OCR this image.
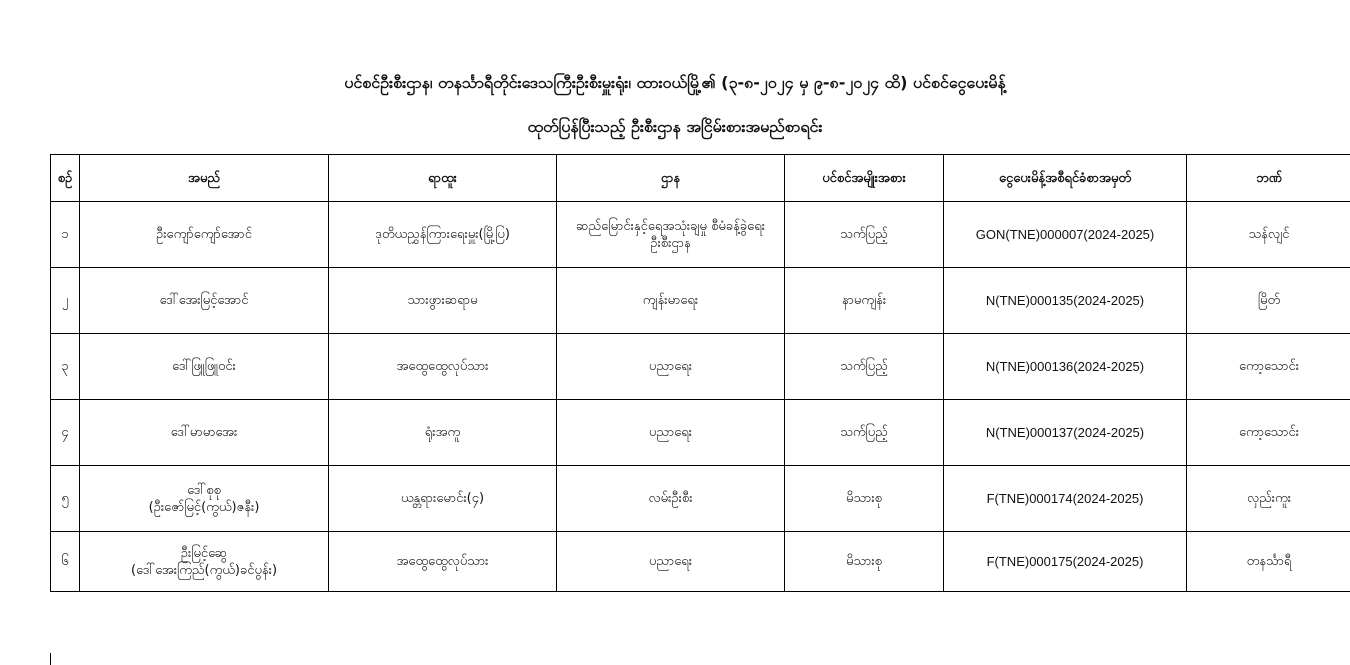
ပင်စင်ဦးစီးဌာန၊ တနင်္သာရီတိုင်းဒေသကြီးဦးစီးမှူးရုံး၊ ထားဝယ်မြို့၏ (၃-၈-၂၀၂၄ မှ ၉-၈-၂၀၂၄ ထိ) ပင်စင်ငွေပေးမိန့်
ထုတ်ပြန်ပြီးသည့် ဦးစီးဌာန အငြိမ်းစားအမည်စာရင်း
စဉ်	အမည်	ရာထူး	ဌာန	ပင်စင်အမျိုးအစား	ငွေပေးမိန့်အစီရင်ခံစာအမှတ်	ဘဏ်
၁	ဦးကျော်ကျော်အောင်	ဒုတိယညွှန်ကြားရေးမှူး(မြို့ပြ)	ဆည်မြောင်းနှင့်ရေအသုံးချမှု စီမံခန့်ခွဲရေးဦးစီးဌာန	သက်ပြည့်	GON(TNE)000007(2024-2025)	သန်လျင်
၂	ဒေါ်အေးမြင့်အောင်	သားဖွားဆရာမ	ကျန်းမာရေး	နာမကျန်း	N(TNE)000135(2024-2025)	မြိတ်
၃	ဒေါ်ဖြူဖြူဝင်း	အထွေထွေလုပ်သား	ပညာရေး	သက်ပြည့်	N(TNE)000136(2024-2025)	ကော့သောင်း
၄	ဒေါ်မာမာအေး	ရုံးအကူ	ပညာရေး	သက်ပြည့်	N(TNE)000137(2024-2025)	ကော့သောင်း
၅	ဒေါ်စုစု
(ဦးဇော်မြင့်(ကွယ်)ဇနီး)	ယန္တရားမောင်း(၄)	လမ်းဦးစီး	မိသားစု	F(TNE)000174(2024-2025)	လှည်းကူး
၆	ဦးမြင့်ဆွေ
(ဒေါ်အေးကြည်(ကွယ်)ခင်ပွန်း)	အထွေထွေလုပ်သား	ပညာရေး	မိသားစု	F(TNE)000175(2024-2025)	တနင်္သာရီ
